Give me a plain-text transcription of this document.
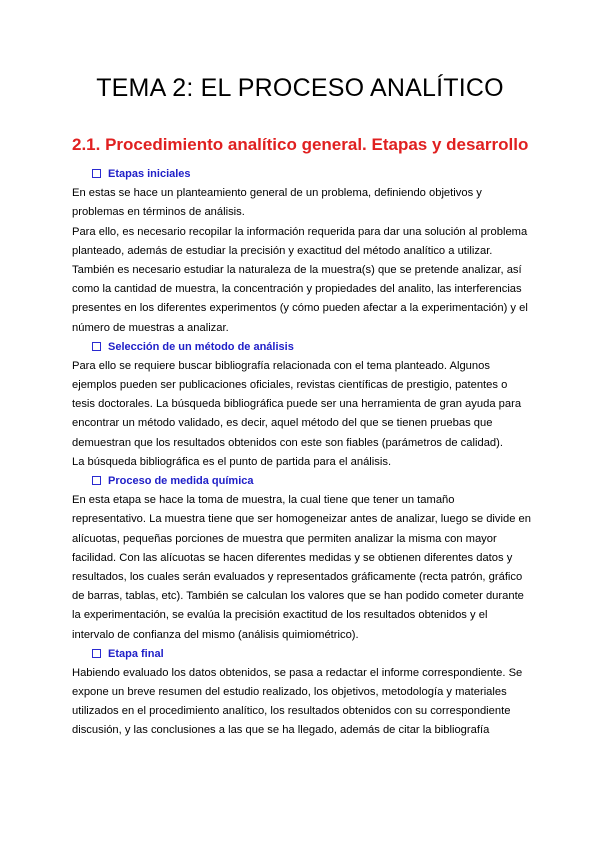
TEMA 2: EL PROCESO ANALÍTICO
2.1. Procedimiento analítico general. Etapas y desarrollo
Etapas iniciales

En estas se hace un planteamiento general de un problema, definiendo objetivos y
problemas en términos de análisis.
Para ello, es necesario recopilar la información requerida para dar una solución al problema
planteado, además de estudiar la precisión y exactitud del método analítico a utilizar.
También es necesario estudiar la naturaleza de la muestra(s) que se pretende analizar, así
como la cantidad de muestra, la concentración y propiedades del analito, las interferencias
presentes en los diferentes experimentos (y cómo pueden afectar a la experimentación) y el
número de muestras a analizar.

Selección de un método de análisis

Para ello se requiere buscar bibliografía relacionada con el tema planteado. Algunos
ejemplos pueden ser publicaciones oficiales, revistas científicas de prestigio, patentes o
tesis doctorales. La búsqueda bibliográfica puede ser una herramienta de gran ayuda para
encontrar un método validado, es decir, aquel método del que se tienen pruebas que
demuestran que los resultados obtenidos con este son fiables (parámetros de calidad).
La búsqueda bibliográfica es el punto de partida para el análisis.

Proceso de medida química

En esta etapa se hace la toma de muestra, la cual tiene que tener un tamaño
representativo. La muestra tiene que ser homogeneizar antes de analizar, luego se divide en
alícuotas, pequeñas porciones de muestra que permiten analizar la misma con mayor
facilidad. Con las alícuotas se hacen diferentes medidas y se obtienen diferentes datos y
resultados, los cuales serán evaluados y representados gráficamente (recta patrón, gráfico
de barras, tablas, etc). También se calculan los valores que se han podido cometer durante
la experimentación, se evalúa la precisión exactitud de los resultados obtenidos y el
intervalo de confianza del mismo (análisis quimiométrico).

Etapa final

Habiendo evaluado los datos obtenidos, se pasa a redactar el informe correspondiente. Se
expone un breve resumen del estudio realizado, los objetivos, metodología y materiales
utilizados en el procedimiento analítico, los resultados obtenidos con su correspondiente
discusión, y las conclusiones a las que se ha llegado, además de citar la bibliografía
